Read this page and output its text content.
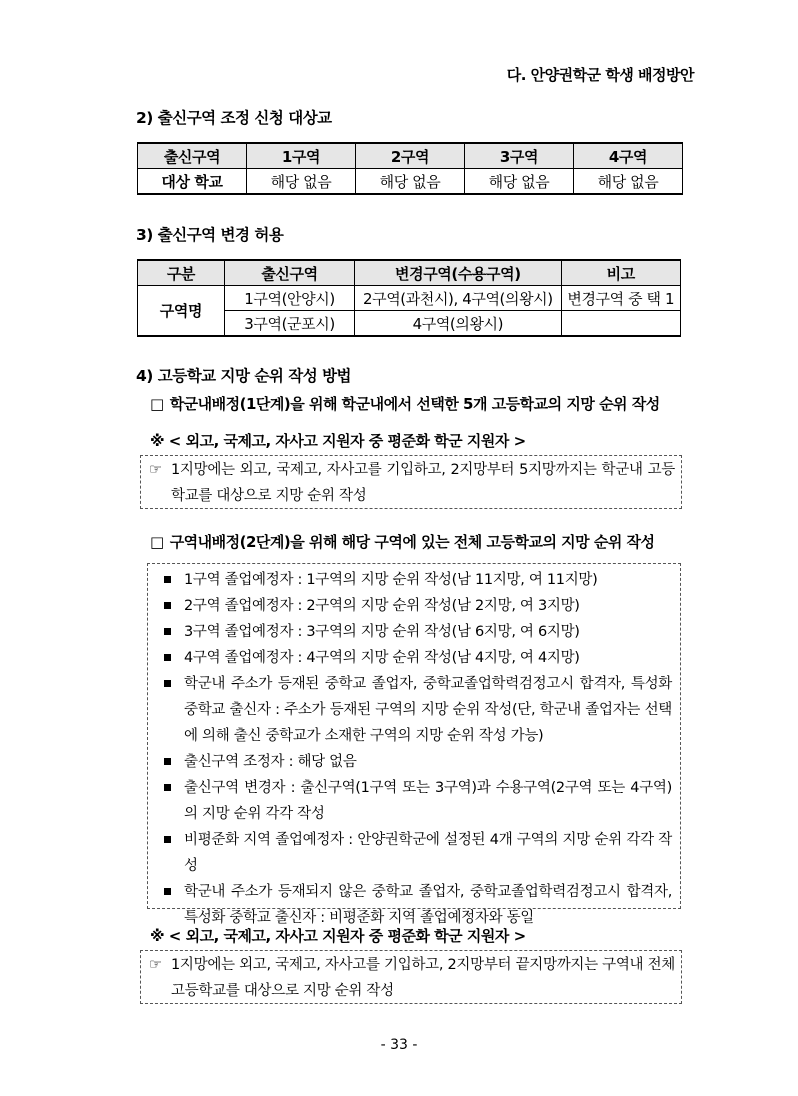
다. 안양권학군 학생 배정방안
2) 출신구역 조정 신청 대상교
출신구역	1구역	2구역	3구역	4구역
대상 학교	해당 없음	해당 없음	해당 없음	해당 없음
3) 출신구역 변경 허용
구분	출신구역	변경구역(수용구역)	비고
구역명	1구역(안양시)	2구역(과천시), 4구역(의왕시)	변경구역 중 택 1
	3구역(군포시)	4구역(의왕시)	
4) 고등학교 지망 순위 작성 방법
□ 학군내배정(1단계)을 위해 학군내에서 선택한 5개 고등학교의 지망 순위 작성
※ < 외고, 국제고, 자사고 지원자 중 평준화 학군 지원자 >
☞ 1지망에는 외고, 국제고, 자사고를 기입하고, 2지망부터 5지망까지는 학군내 고등학교를 대상으로 지망 순위 작성
□ 구역내배정(2단계)을 위해 해당 구역에 있는 전체 고등학교의 지망 순위 작성
1구역 졸업예정자 : 1구역의 지망 순위 작성(남 11지망, 여 11지망)
2구역 졸업예정자 : 2구역의 지망 순위 작성(남 2지망, 여 3지망)
3구역 졸업예정자 : 3구역의 지망 순위 작성(남 6지망, 여 6지망)
4구역 졸업예정자 : 4구역의 지망 순위 작성(남 4지망, 여 4지망)
학군내 주소가 등재된 중학교 졸업자, 중학교졸업학력검정고시 합격자, 특성화 중학교 출신자 : 주소가 등재된 구역의 지망 순위 작성(단, 학군내 졸업자는 선택에 의해 출신 중학교가 소재한 구역의 지망 순위 작성 가능)
출신구역 조정자 : 해당 없음
출신구역 변경자 : 출신구역(1구역 또는 3구역)과 수용구역(2구역 또는 4구역)의 지망 순위 각각 작성
비평준화 지역 졸업예정자 : 안양권학군에 설정된 4개 구역의 지망 순위 각각 작성
학군내 주소가 등재되지 않은 중학교 졸업자, 중학교졸업학력검정고시 합격자, 특성화 중학교 출신자 : 비평준화 지역 졸업예정자와 동일
※ < 외고, 국제고, 자사고 지원자 중 평준화 학군 지원자 >
☞ 1지망에는 외고, 국제고, 자사고를 기입하고, 2지망부터 끝지망까지는 구역내 전체 고등학교를 대상으로 지망 순위 작성
- 33 -
